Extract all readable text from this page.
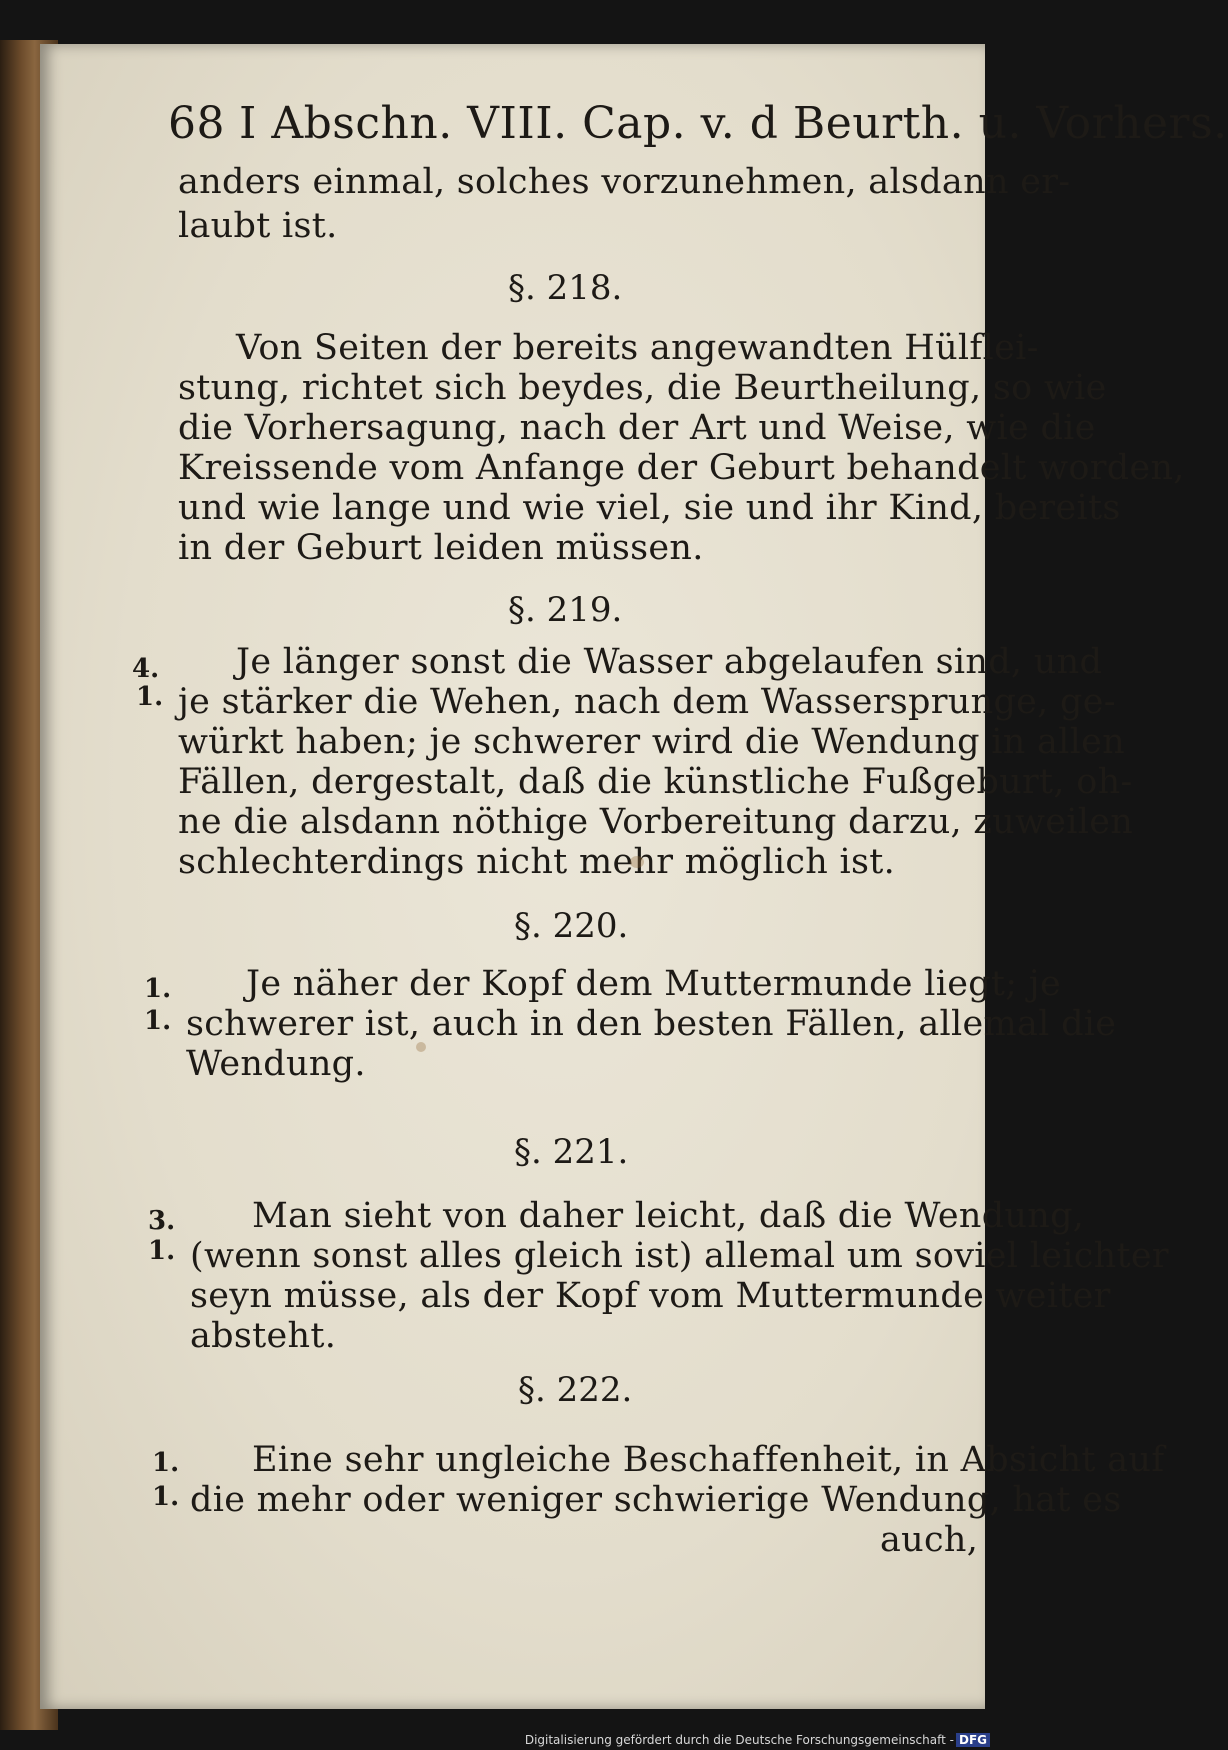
68 I Abschn. VIII. Cap. v. d Beurth. u. Vorhers.
anders einmal, solches vorzunehmen, alsdann er-
laubt ist.
§. 218.
Von Seiten der bereits angewandten Hülflei-
stung, richtet sich beydes, die Beurtheilung, so wie
die Vorhersagung, nach der Art und Weise, wie die
Kreissende vom Anfange der Geburt behandelt worden,
und wie lange und wie viel, sie und ihr Kind, bereits
in der Geburt leiden müssen.
§. 219.
4.
1.
Je länger sonst die Wasser abgelaufen sind, und
je stärker die Wehen, nach dem Wassersprunge, ge-
würkt haben; je schwerer wird die Wendung in allen
Fällen, dergestalt, daß die künstliche Fußgeburt, oh-
ne die alsdann nöthige Vorbereitung darzu, zuweilen
schlechterdings nicht mehr möglich ist.
§. 220.
1.
1.
Je näher der Kopf dem Muttermunde liegt; je
schwerer ist, auch in den besten Fällen, allemal die
Wendung.
§. 221.
3.
1.
Man sieht von daher leicht, daß die Wendung,
(wenn sonst alles gleich ist) allemal um soviel leichter
seyn müsse, als der Kopf vom Muttermunde weiter
absteht.
§. 222.
1.
1.
Eine sehr ungleiche Beschaffenheit, in Absicht auf
die mehr oder weniger schwierige Wendung, hat es
auch,
Digitalisierung gefördert durch die Deutsche Forschungsgemeinschaft - DFG
